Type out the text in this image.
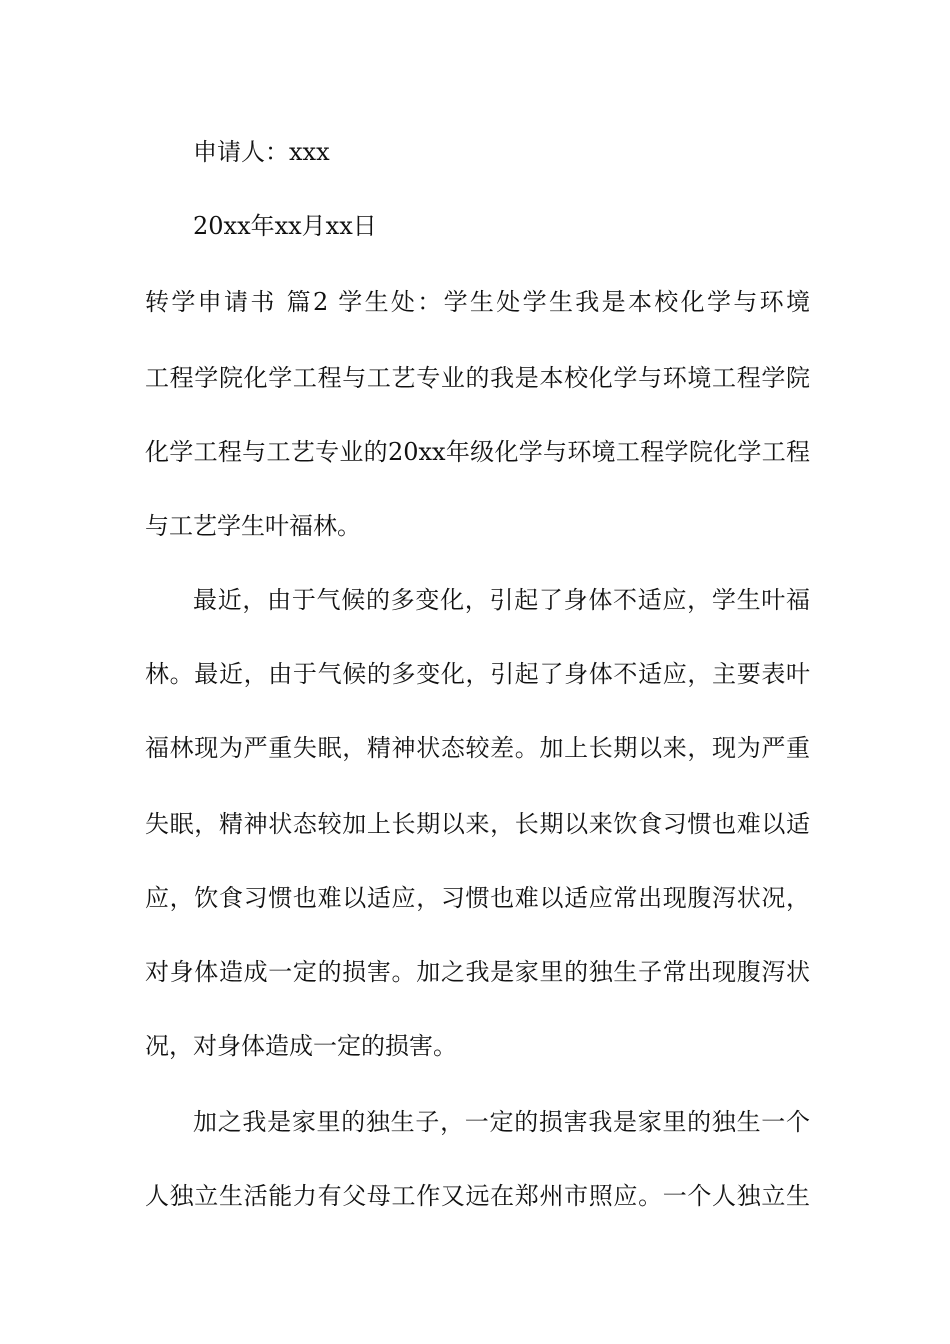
申请人：xxx
20xx年xx月xx日
转学申请书 篇2 学生处：学生处学生我是本校化学与环境
工程学院化学工程与工艺专业的我是本校化学与环境工程学院
化学工程与工艺专业的20xx年级化学与环境工程学院化学工程
与工艺学生叶福林。
最近，由于气候的多变化，引起了身体不适应，学生叶福
林。最近，由于气候的多变化，引起了身体不适应，主要表叶
福林现为严重失眠，精神状态较差。加上长期以来，现为严重
失眠，精神状态较加上长期以来，长期以来饮食习惯也难以适
应，饮食习惯也难以适应，习惯也难以适应常出现腹泻状况，
对身体造成一定的损害。加之我是家里的独生子常出现腹泻状
况，对身体造成一定的损害。
加之我是家里的独生子，一定的损害我是家里的独生一个
人独立生活能力有父母工作又远在郑州市照应。一个人独立生
